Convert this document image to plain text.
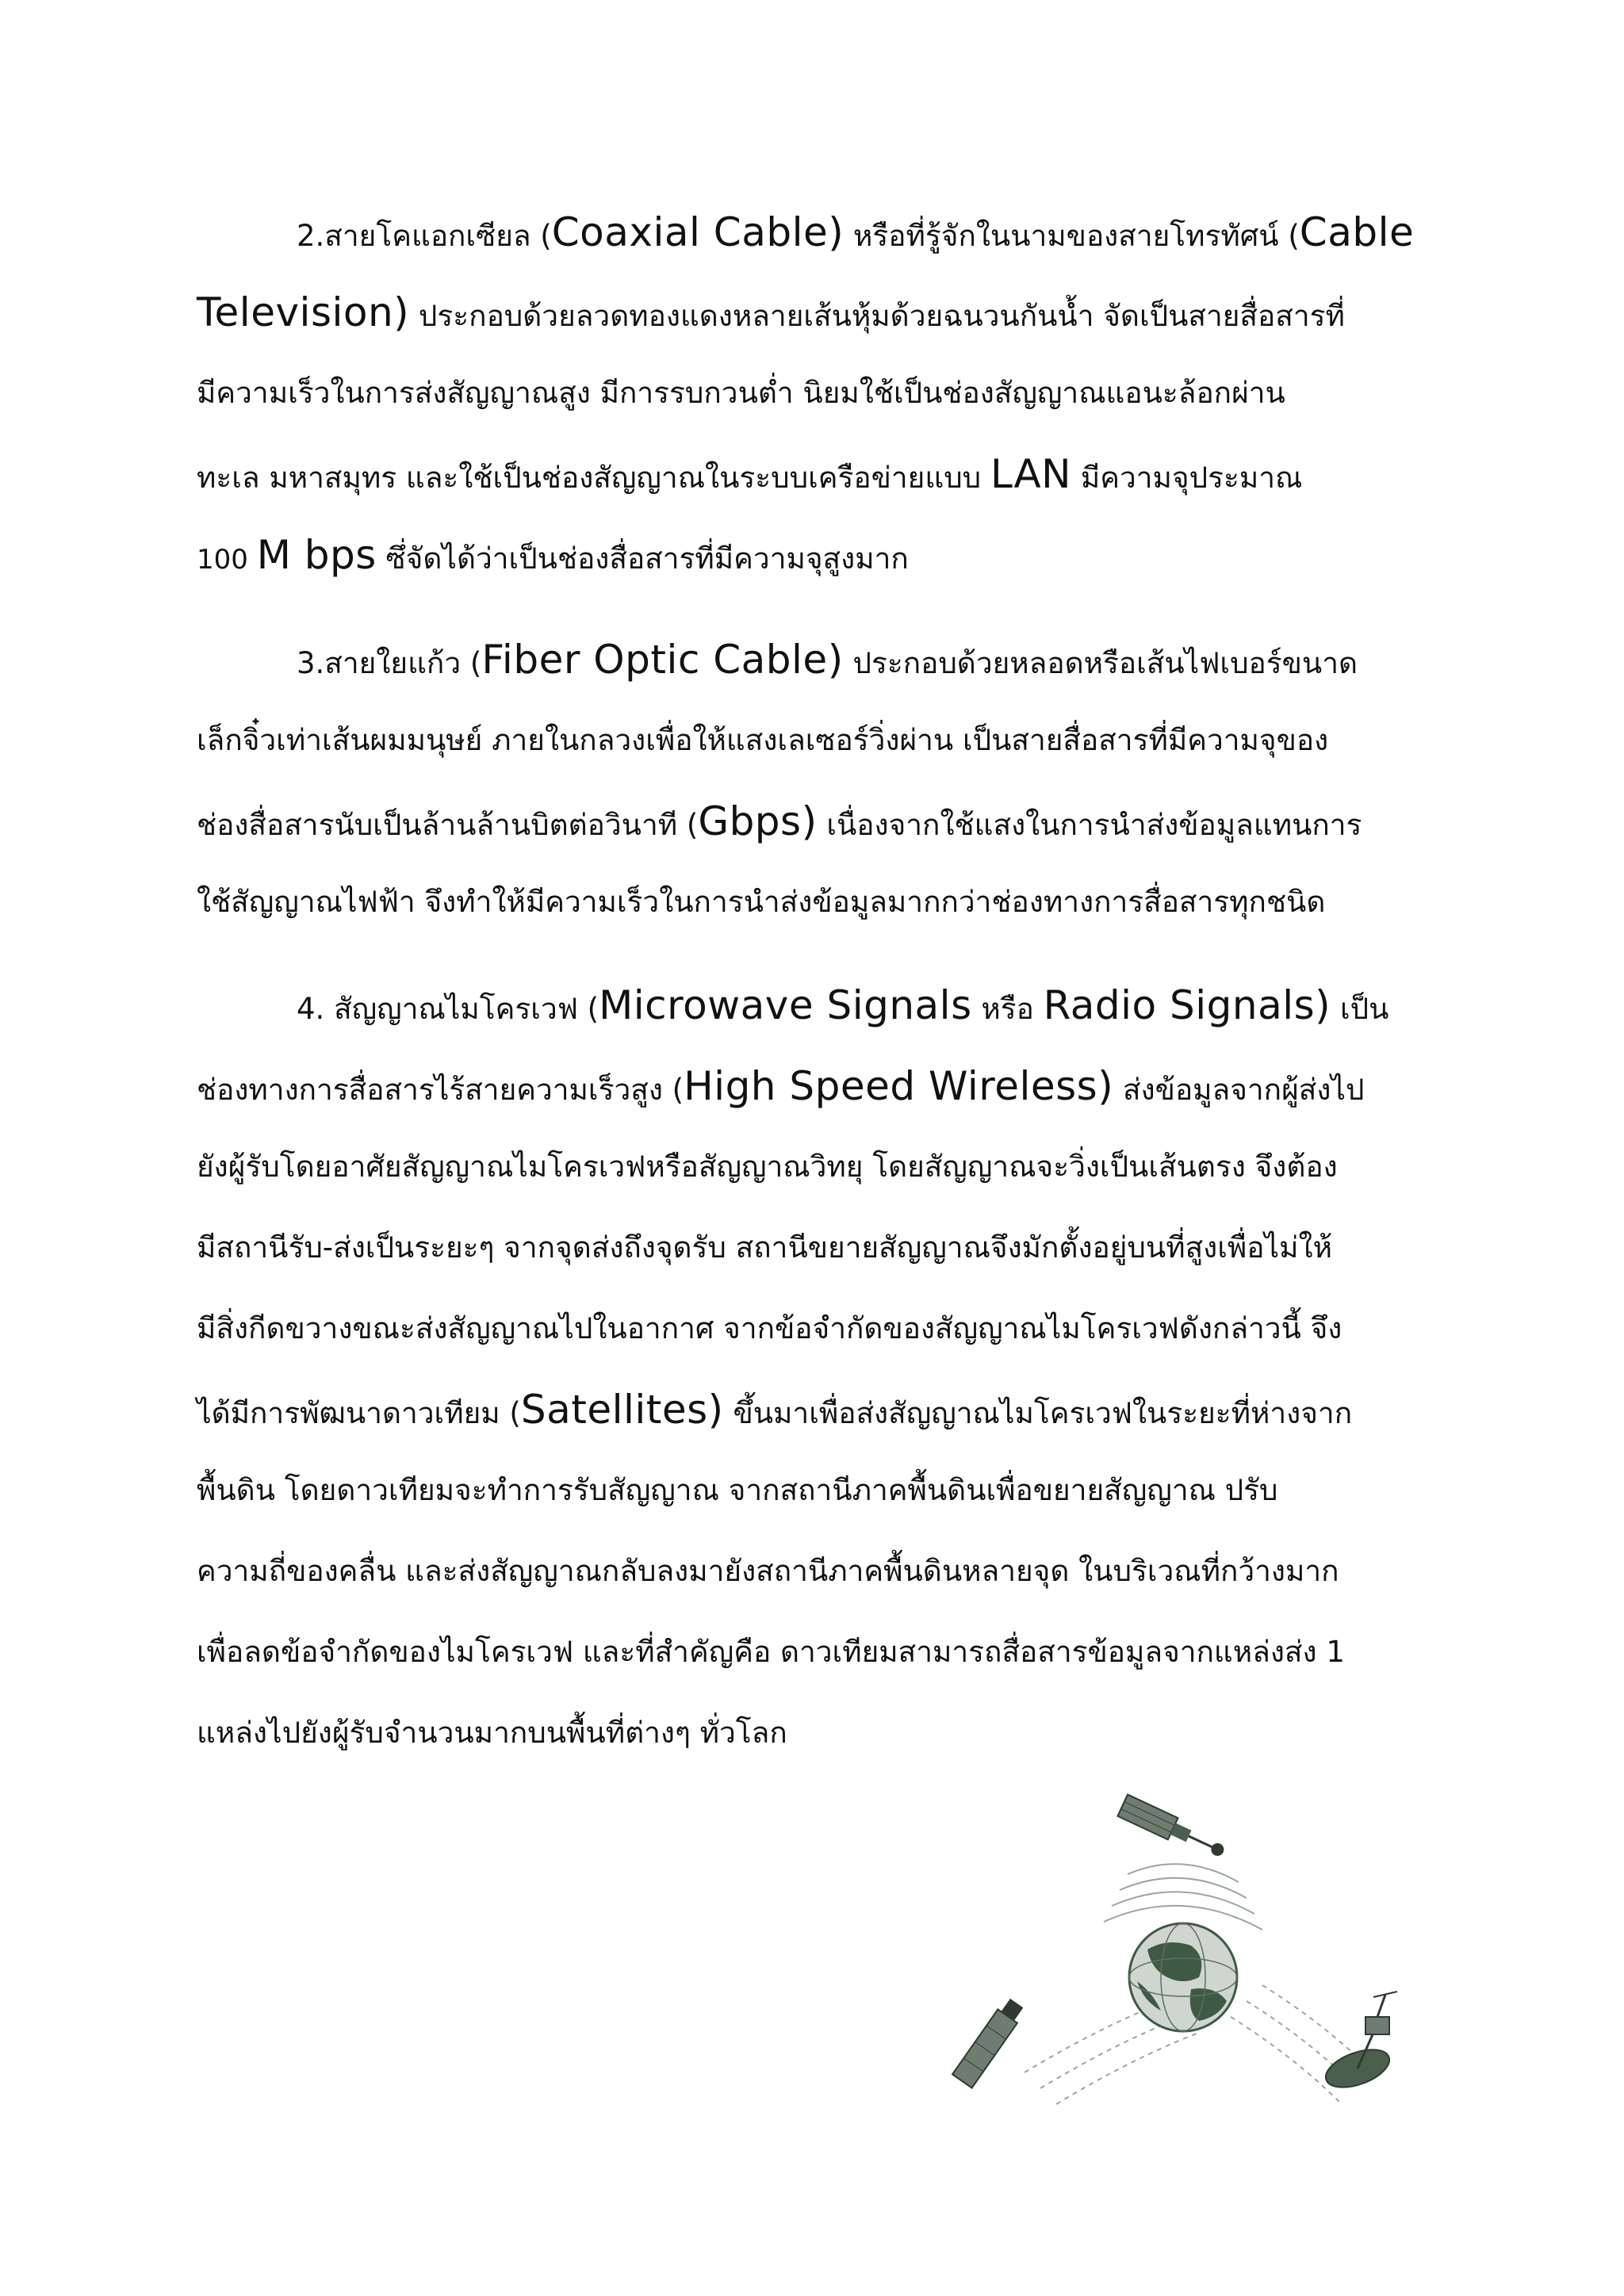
2.สายโคแอกเซียล (Coaxial Cable) หรือที่รู้จักในนามของสายโทรทัศน์ (Cable
Television) ประกอบด้วยลวดทองแดงหลายเส้นหุ้มด้วยฉนวนกันน้ำ จัดเป็นสายสื่อสารที่
มีความเร็วในการส่งสัญญาณสูง มีการรบกวนต่ำ นิยมใช้เป็นช่องสัญญาณแอนะล้อกผ่าน
ทะเล มหาสมุทร และใช้เป็นช่องสัญญาณในระบบเครือข่ายแบบ LAN มีความจุประมาณ
100 M bps ซึ่จัดได้ว่าเป็นช่องสื่อสารที่มีความจุสูงมาก
3.สายใยแก้ว (Fiber Optic Cable) ประกอบด้วยหลอดหรือเส้นไฟเบอร์ขนาด
เล็กจิ๋วเท่าเส้นผมมนุษย์ ภายในกลวงเพื่อให้แสงเลเซอร์วิ่งผ่าน เป็นสายสื่อสารที่มีความจุของ
ช่องสื่อสารนับเป็นล้านล้านบิตต่อวินาที (Gbps) เนื่องจากใช้แสงในการนำส่งข้อมูลแทนการ
ใช้สัญญาณไฟฟ้า จึงทำให้มีความเร็วในการนำส่งข้อมูลมากกว่าช่องทางการสื่อสารทุกชนิด
4. สัญญาณไมโครเวฟ (Microwave Signals หรือ Radio Signals) เป็น
ช่องทางการสื่อสารไร้สายความเร็วสูง (High Speed Wireless) ส่งข้อมูลจากผู้ส่งไป
ยังผู้รับโดยอาศัยสัญญาณไมโครเวฟหรือสัญญาณวิทยุ โดยสัญญาณจะวิ่งเป็นเส้นตรง จึงต้อง
มีสถานีรับ-ส่งเป็นระยะๆ จากจุดส่งถึงจุดรับ สถานีขยายสัญญาณจึงมักตั้งอยู่บนที่สูงเพื่อไม่ให้
มีสิ่งกีดขวางขณะส่งสัญญาณไปในอากาศ จากข้อจำกัดของสัญญาณไมโครเวฟดังกล่าวนี้ จึง
ได้มีการพัฒนาดาวเทียม (Satellites) ขึ้นมาเพื่อส่งสัญญาณไมโครเวฟในระยะที่ห่างจาก
พื้นดิน โดยดาวเทียมจะทำการรับสัญญาณ จากสถานีภาคพื้นดินเพื่อขยายสัญญาณ ปรับ
ความถี่ของคลื่น และส่งสัญญาณกลับลงมายังสถานีภาคพื้นดินหลายจุด ในบริเวณที่กว้างมาก
เพื่อลดข้อจำกัดของไมโครเวฟ และที่สำคัญคือ ดาวเทียมสามารถสื่อสารข้อมูลจากแหล่งส่ง 1
แหล่งไปยังผู้รับจำนวนมากบนพื้นที่ต่างๆ ทั่วโลก
